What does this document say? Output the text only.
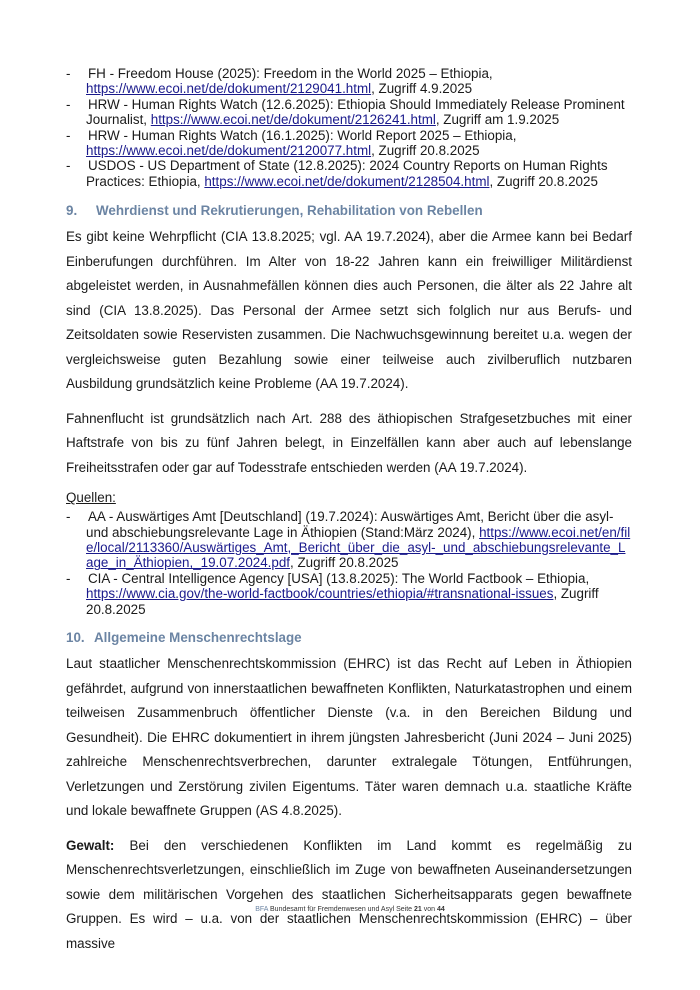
-	FH - Freedom House (2025): Freedom in the World 2025 – Ethiopia, https://www.ecoi.net/de/dokument/2129041.html, Zugriff 4.9.2025
-	HRW - Human Rights Watch (12.6.2025): Ethiopia Should Immediately Release Prominent Journalist, https://www.ecoi.net/de/dokument/2126241.html, Zugriff am 1.9.2025
-	HRW - Human Rights Watch (16.1.2025): World Report 2025 – Ethiopia, https://www.ecoi.net/de/dokument/2120077.html, Zugriff 20.8.2025
-	USDOS - US Department of State (12.8.2025): 2024 Country Reports on Human Rights Practices: Ethiopia, https://www.ecoi.net/de/dokument/2128504.html, Zugriff 20.8.2025
9.	Wehrdienst und Rekrutierungen, Rehabilitation von Rebellen

Es gibt keine Wehrpflicht (CIA 13.8.2025; vgl. AA 19.7.2024), aber die Armee kann bei Bedarf Einberufungen durchführen. Im Alter von 18-22 Jahren kann ein freiwilliger Militärdienst abgeleistet werden, in Ausnahmefällen können dies auch Personen, die älter als 22 Jahre alt sind (CIA 13.8.2025). Das Personal der Armee setzt sich folglich nur aus Berufs- und Zeitsoldaten sowie Reservisten zusammen. Die Nachwuchsgewinnung bereitet u.a. wegen der vergleichsweise guten Bezahlung sowie einer teilweise auch zivilberuflich nutzbaren Ausbildung grundsätzlich keine Probleme (AA 19.7.2024).

Fahnenflucht ist grundsätzlich nach Art. 288 des äthiopischen Strafgesetzbuches mit einer Haftstrafe von bis zu fünf Jahren belegt, in Einzelfällen kann aber auch auf lebenslange Freiheitsstrafen oder gar auf Todesstrafe entschieden werden (AA 19.7.2024).

Quellen:
-	AA - Auswärtiges Amt [Deutschland] (19.7.2024): Auswärtiges Amt, Bericht über die asyl- und abschiebungsrelevante Lage in Äthiopien (Stand:März 2024), https://www.ecoi.net/en/file/local/2113360/Auswärtiges_Amt,_Bericht_über_die_asyl-_und_abschiebungsrelevante_Lage_in_Äthiopien,_19.07.2024.pdf, Zugriff 20.8.2025
-	CIA - Central Intelligence Agency [USA] (13.8.2025): The World Factbook – Ethiopia, https://www.cia.gov/the-world-factbook/countries/ethiopia/#transnational-issues, Zugriff 20.8.2025
10. Allgemeine Menschenrechtslage

Laut staatlicher Menschenrechtskommission (EHRC) ist das Recht auf Leben in Äthiopien gefährdet, aufgrund von innerstaatlichen bewaffneten Konflikten, Naturkatastrophen und einem teilweisen Zusammenbruch öffentlicher Dienste (v.a. in den Bereichen Bildung und Gesundheit). Die EHRC dokumentiert in ihrem jüngsten Jahresbericht (Juni 2024 – Juni 2025) zahlreiche Menschenrechtsverbrechen, darunter extralegale Tötungen, Entführungen, Verletzungen und Zerstörung zivilen Eigentums. Täter waren demnach u.a. staatliche Kräfte und lokale bewaffnete Gruppen (AS 4.8.2025).

Gewalt: Bei den verschiedenen Konflikten im Land kommt es regelmäßig zu Menschenrechtsverletzungen, einschließlich im Zuge von bewaffneten Auseinandersetzungen sowie dem militärischen Vorgehen des staatlichen Sicherheitsapparats gegen bewaffnete Gruppen. Es wird – u.a. von der staatlichen Menschenrechtskommission (EHRC) – über massive

BFA Bundesamt für Fremdenwesen und Asyl Seite 21 von 44
